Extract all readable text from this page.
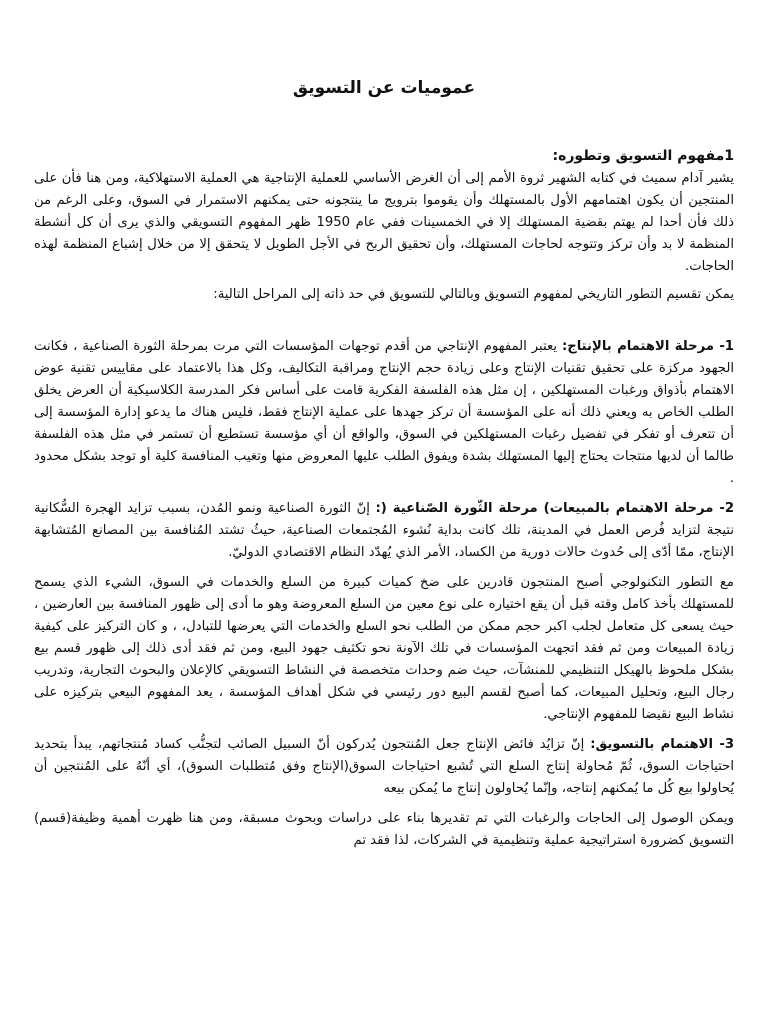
عموميات عن التسويق
1مفهوم التسويق وتطوره:

يشير آدام سميث في كتابه الشهير ثروة الأمم إلى أن الغرض الأساسي للعملية الإنتاجية هي العملية الاستهلاكية، ومن هنا فأن على المنتجين أن يكون اهتمامهم الأول بالمستهلك وأن يقوموا بترويج ما ينتجونه حتى يمكنهم الاستمرار في السوق، وعلى الرغم من ذلك فأن أحدا لم يهتم بقضية المستهلك إلا في الخمسينات ففي عام 1950 ظهر المفهوم التسويقي والذي يرى أن كل أنشطة المنظمة لا بد وأن تركز وتتوجه لحاجات المستهلك، وأن تحقيق الربح في الأجل الطويل لا يتحقق إلا من خلال إشباع المنظمة لهذه الحاجات.

يمكن تقسيم التطور التاريخي لمفهوم التسويق وبالتالي للتسويق في حد ذاته إلى المراحل التالية:

1- مرحلة الاهتمام بالإنتاج: يعتبر المفهوم الإنتاجي من أقدم توجهات المؤسسات التي مرت بمرحلة الثورة الصناعية ، فكانت الجهود مركزة على تحقيق تقنيات الإنتاج وعلى زيادة حجم الإنتاج ومراقبة التكاليف، وكل هذا بالاعتماد على مقاييس تقنية عوض الاهتمام بأذواق ورغبات المستهلكين ، إن مثل هذه الفلسفة الفكرية قامت على أساس فكر المدرسة الكلاسيكية أن العرض يخلق الطلب الخاص به ويعني ذلك أنه على المؤسسة أن تركز جهدها على عملية الإنتاج فقط، فليس هناك ما يدعو إدارة المؤسسة إلى أن تتعرف أو تفكر في تفضيل رغبات المستهلكين في السوق، والواقع أن أي مؤسسة تستطيع أن تستمر في مثل هذه الفلسفة طالما أن لديها منتجات يحتاج إليها المستهلك بشدة ويفوق الطلب عليها المعروض منها وتغيب المنافسة كلية أو توجد بشكل محدود .

2- مرحلة الاهتمام بالمبيعات) مرحلة الثّورة الصّناعية (: إنّ الثورة الصناعية ونمو المُدن، بسبب تزايد الهجرة السُّكانية نتيجة لتزايد فُرص العمل في المدينة، تلك كانت بداية نُشوء المُجتمعات الصناعية، حيثُ تشتد المُنافسة بين المصانع المُتشابهة الإنتاج، ممّا أدّى إلى حُدوث حالات دورية من الكساد، الأمر الذي يُهدّد النظام الاقتصادي الدوليّ.

مع التطور التكنولوجي أصبح المنتجون قادرين على ضخ كميات كبيرة من السلع والخدمات في السوق، الشيء الذي يسمح للمستهلك بأخذ كامل وقته قبل أن يقع اختياره على نوع معين من السلع المعروضة وهو ما أدى إلى ظهور المنافسة بين العارضين ، حيث يسعى كل متعامل لجلب اكبر حجم ممكن من الطلب نحو السلع والخدمات التي يعرضها للتبادل، ، و كان التركيز على كيفية زيادة المبيعات ومن ثم فقد اتجهت المؤسسات في تلك الآونة نحو تكثيف جهود البيع، ومن ثم فقد أدى ذلك إلى ظهور قسم بيع بشكل ملحوظ بالهيكل التنظيمي للمنشآت، حيث ضم وحدات متخصصة في النشاط التسويقي كالإعلان والبحوث التجارية، وتدريب رجال البيع، وتحليل المبيعات، كما أصبح لقسم البيع دور رئيسي في شكل أهداف المؤسسة ، يعد المفهوم البيعي بتركيزه على نشاط البيع نقيضا للمفهوم الإنتاجي.

3- الاهتمام بالتسويق: إنّ تزايُد فائض الإنتاج جعل المُنتجون يُدركون أنّ السبيل الصائب لتجنُّب كساد مُنتجاتهم، يبدأ بتحديد احتياجات السوق، ثُمّ مُحاولة إنتاج السلع التي تُشبع احتياجات السوق(الإنتاج وفق مُتطلبات السوق)، أي أنّهُ على المُنتجين أن يُحاولوا بيع كُل ما يُمكنهم إنتاجه، وإنّما يُحاولون إنتاج ما يُمكن بيعه

ويمكن الوصول إلى الحاجات والرغبات التي تم تقديرها بناء على دراسات وبحوث مسبقة، ومن هنا ظهرت أهمية وظيفة(قسم) التسويق كضرورة استراتيجية عملية وتنظيمية في الشركات، لذا فقد تم
